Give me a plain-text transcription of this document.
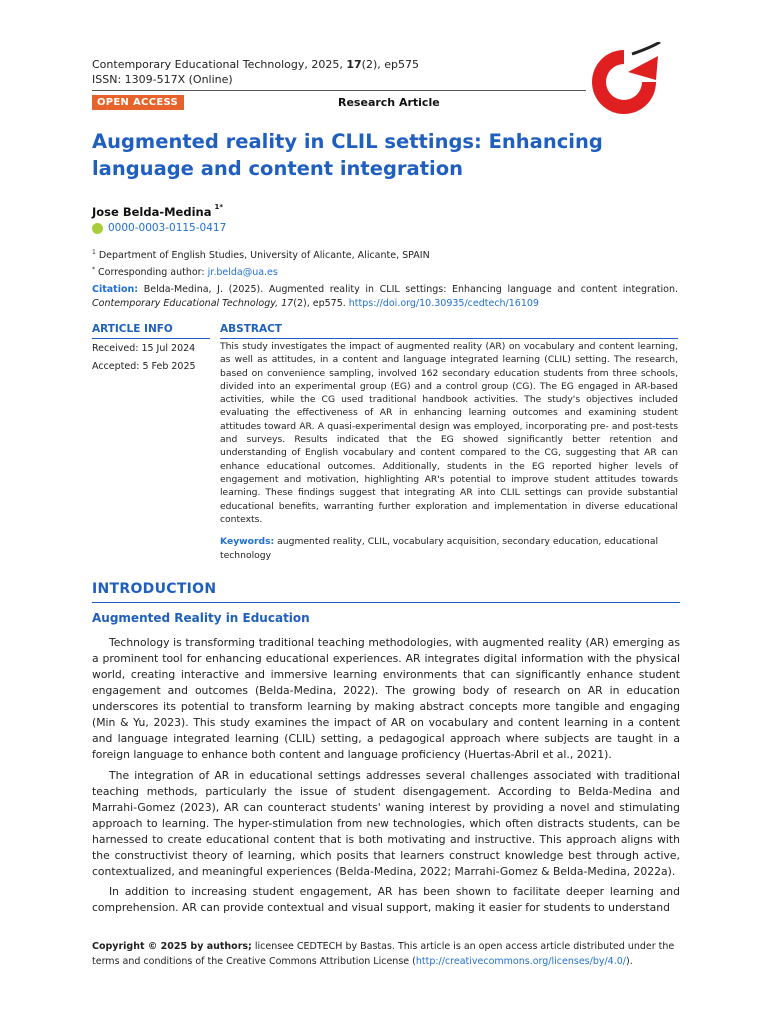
Contemporary Educational Technology, 2025, 17(2), ep575
ISSN: 1309-517X (Online)
OPEN ACCESS	Research Article
Augmented reality in CLIL settings: Enhancing language and content integration
Jose Belda-Medina $^{1*}$
0000-0003-0115-0417
$^1$ Department of English Studies, University of Alicante, Alicante, SPAIN
* Corresponding author: jr.belda@ua.es
Citation: Belda-Medina, J. (2025). Augmented reality in CLIL settings: Enhancing language and content integration. Contemporary Educational Technology, 17(2), ep575. https://doi.org/10.30935/cedtech/16109
ARTICLE INFO	ABSTRACT
Received: 15 Jul 2024
Accepted: 5 Feb 2025
This study investigates the impact of augmented reality (AR) on vocabulary and content learning, as well as attitudes, in a content and language integrated learning (CLIL) setting. The research, based on convenience sampling, involved 162 secondary education students from three schools, divided into an experimental group (EG) and a control group (CG). The EG engaged in AR-based activities, while the CG used traditional handbook activities. The study's objectives included evaluating the effectiveness of AR in enhancing learning outcomes and examining student attitudes toward AR. A quasi-experimental design was employed, incorporating pre- and post-tests and surveys. Results indicated that the EG showed significantly better retention and understanding of English vocabulary and content compared to the CG, suggesting that AR can enhance educational outcomes. Additionally, students in the EG reported higher levels of engagement and motivation, highlighting AR's potential to improve student attitudes towards learning. These findings suggest that integrating AR into CLIL settings can provide substantial educational benefits, warranting further exploration and implementation in diverse educational contexts.
Keywords: augmented reality, CLIL, vocabulary acquisition, secondary education, educational technology
INTRODUCTION
Augmented Reality in Education

Technology is transforming traditional teaching methodologies, with augmented reality (AR) emerging as a prominent tool for enhancing educational experiences. AR integrates digital information with the physical world, creating interactive and immersive learning environments that can significantly enhance student engagement and outcomes (Belda-Medina, 2022). The growing body of research on AR in education underscores its potential to transform learning by making abstract concepts more tangible and engaging (Min & Yu, 2023). This study examines the impact of AR on vocabulary and content learning in a content and language integrated learning (CLIL) setting, a pedagogical approach where subjects are taught in a foreign language to enhance both content and language proficiency (Huertas-Abril et al., 2021).

The integration of AR in educational settings addresses several challenges associated with traditional teaching methods, particularly the issue of student disengagement. According to Belda-Medina and Marrahi-Gomez (2023), AR can counteract students' waning interest by providing a novel and stimulating approach to learning. The hyper-stimulation from new technologies, which often distracts students, can be harnessed to create educational content that is both motivating and instructive. This approach aligns with the constructivist theory of learning, which posits that learners construct knowledge best through active, contextualized, and meaningful experiences (Belda-Medina, 2022; Marrahi-Gomez & Belda-Medina, 2022a).

In addition to increasing student engagement, AR has been shown to facilitate deeper learning and comprehension. AR can provide contextual and visual support, making it easier for students to understand

Copyright © 2025 by authors; licensee CEDTECH by Bastas. This article is an open access article distributed under the terms and conditions of the Creative Commons Attribution License (http://creativecommons.org/licenses/by/4.0/).
